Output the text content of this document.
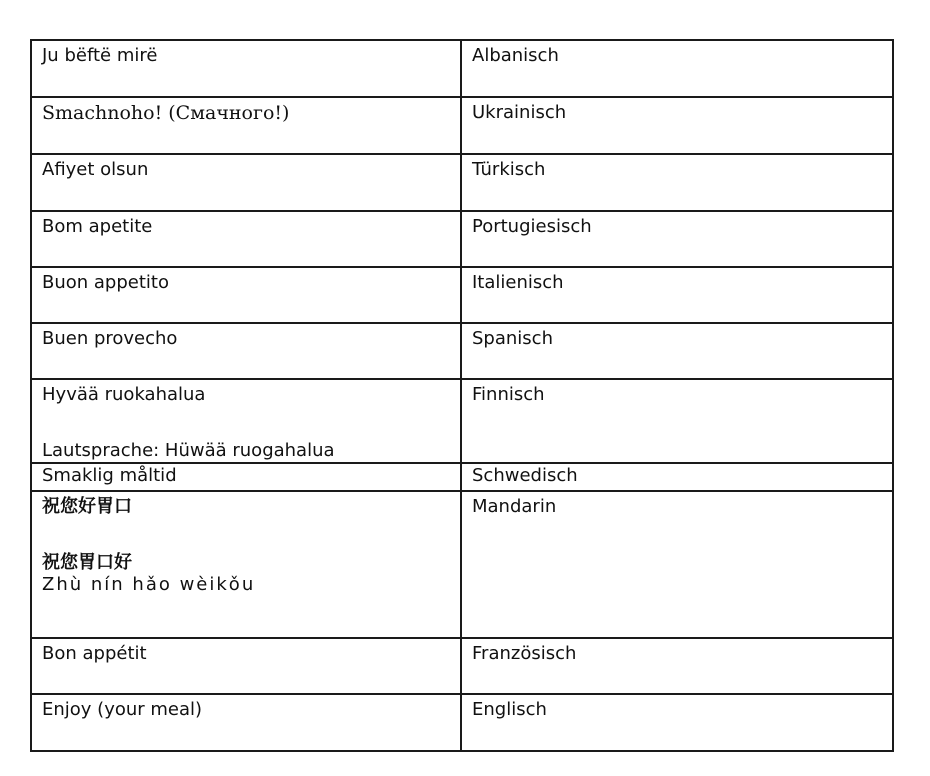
Ju bëftë mirë	Albanisch
Smachnoho! (Смачного!)	Ukrainisch
Afiyet olsun	Türkisch
Bom apetite	Portugiesisch
Buon appetito	Italienisch
Buen provecho	Spanisch
Hyvää ruokahalua
Lautsprache: Hüwää ruogahalua	Finnisch
Smaklig måltid	Schwedisch
祝您好胃口
祝您胃口好
Zhù nín hǎo wèikǒu	Mandarin
Bon appétit	Französisch
Enjoy (your meal)	Englisch
